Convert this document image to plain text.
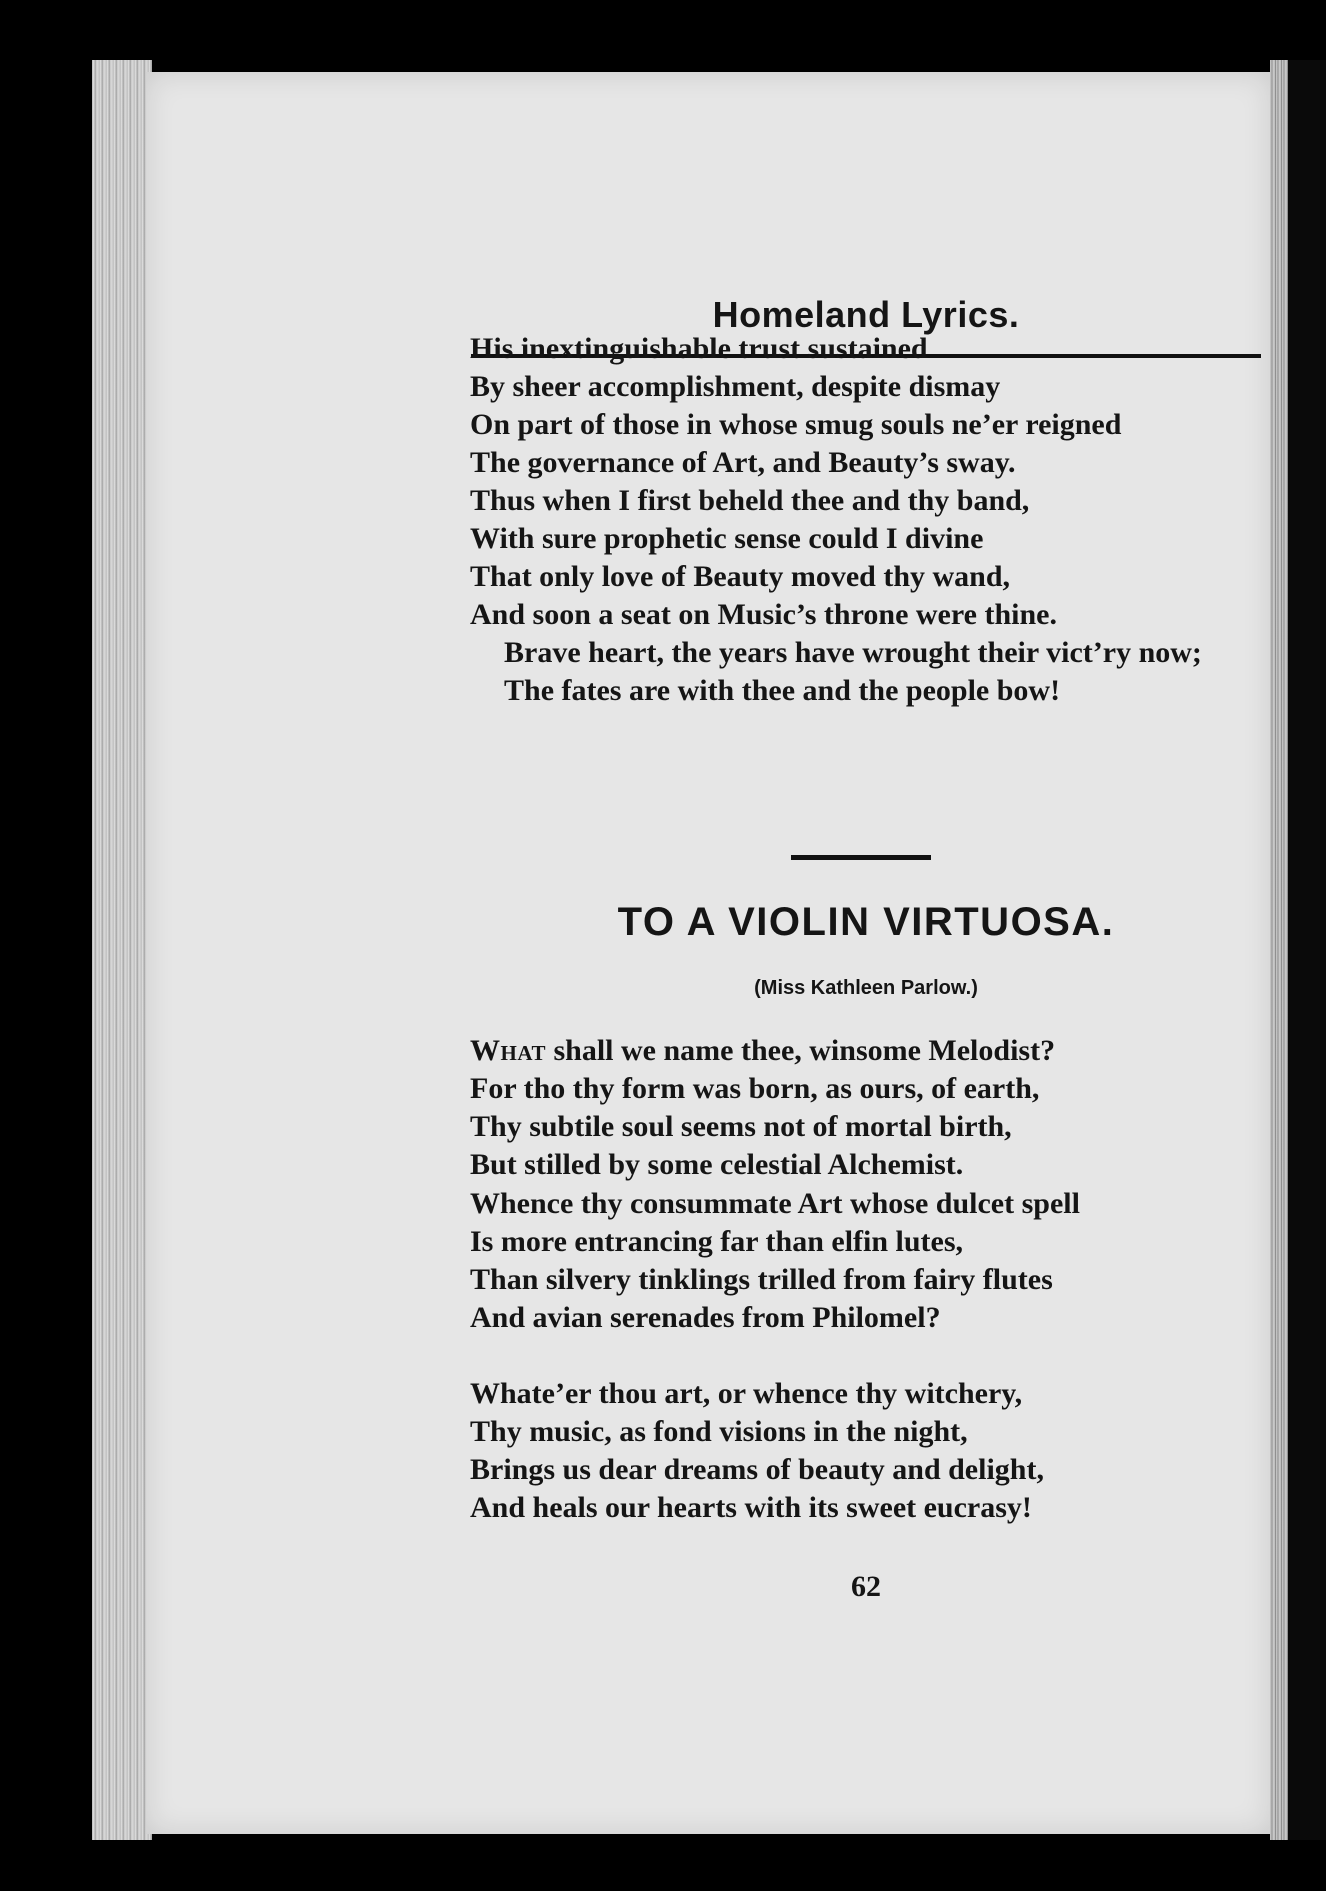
Homeland Lyrics.

His inextinguishable trust sustained
By sheer accomplishment, despite dismay
On part of those in whose smug souls ne’er reigned
The governance of Art, and Beauty’s sway.

Thus when I first beheld thee and thy band,
With sure prophetic sense could I divine
That only love of Beauty moved thy wand,
And soon a seat on Music’s throne were thine.
Brave heart, the years have wrought their vict’ry now;
The fates are with thee and the people bow!

TO A VIOLIN VIRTUOSA.

(Miss Kathleen Parlow.)

What shall we name thee, winsome Melodist?
For tho thy form was born, as ours, of earth,
Thy subtile soul seems not of mortal birth,
But stilled by some celestial Alchemist.

Whence thy consummate Art whose dulcet spell
Is more entrancing far than elfin lutes,
Than silvery tinklings trilled from fairy flutes
And avian serenades from Philomel?

Whate’er thou art, or whence thy witchery,
Thy music, as fond visions in the night,
Brings us dear dreams of beauty and delight,
And heals our hearts with its sweet eucrasy!

62
